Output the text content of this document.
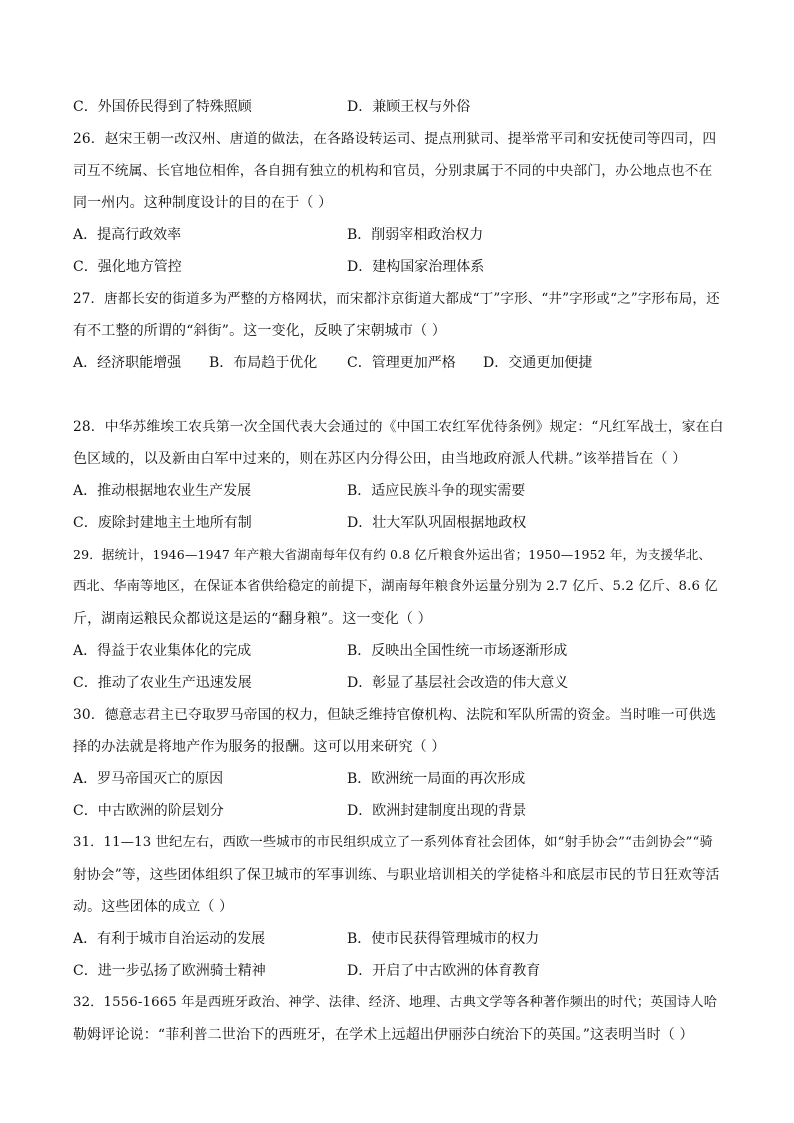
C．外国侨民得到了特殊照顾	D．兼顾王权与外俗
26．赵宋王朝一改汉州、唐道的做法，在各路设转运司、提点刑狱司、提举常平司和安抚使司等四司，四
司互不统属、长官地位相侔，各自拥有独立的机构和官员，分别隶属于不同的中央部门，办公地点也不在
同一州内。这种制度设计的目的在于（ ）
A．提高行政效率	B．削弱宰相政治权力
C．强化地方管控	D．建构国家治理体系
27．唐都长安的街道多为严整的方格网状，而宋都汴京街道大都成“丁”字形、“井”字形或“之”字形布局，还
有不工整的所谓的“斜街”。这一变化，反映了宋朝城市（ ）
A．经济职能增强 B．布局趋于优化 C．管理更加严格 D．交通更加便捷
28．中华苏维埃工农兵第一次全国代表大会通过的《中国工农红军优待条例》规定：“凡红军战士，家在白
色区域的，以及新由白军中过来的，则在苏区内分得公田，由当地政府派人代耕。”该举措旨在（ ）
A．推动根据地农业生产发展	B．适应民族斗争的现实需要
C．废除封建地主土地所有制	D．壮大军队巩固根据地政权
29．据统计，1946—1947 年产粮大省湖南每年仅有约 0.8 亿斤粮食外运出省；1950—1952 年，为支援华北、
西北、华南等地区，在保证本省供给稳定的前提下，湖南每年粮食外运量分别为 2.7 亿斤、5.2 亿斤、8.6 亿
斤，湖南运粮民众都说这是运的“翻身粮”。这一变化（ ）
A．得益于农业集体化的完成	B．反映出全国性统一市场逐渐形成
C．推动了农业生产迅速发展	D．彰显了基层社会改造的伟大意义
30．德意志君主已夺取罗马帝国的权力，但缺乏维持官僚机构、法院和军队所需的资金。当时唯一可供选
择的办法就是将地产作为服务的报酬。这可以用来研究（ ）
A．罗马帝国灭亡的原因	B．欧洲统一局面的再次形成
C．中古欧洲的阶层划分	D．欧洲封建制度出现的背景
31．11—13 世纪左右，西欧一些城市的市民组织成立了一系列体育社会团体，如“射手协会”“击剑协会”“骑
射协会”等，这些团体组织了保卫城市的军事训练、与职业培训相关的学徒格斗和底层市民的节日狂欢等活
动。这些团体的成立（ ）
A．有利于城市自治运动的发展	B．使市民获得管理城市的权力
C．进一步弘扬了欧洲骑士精神	D．开启了中古欧洲的体育教育
32．1556-1665 年是西班牙政治、神学、法律、经济、地理、古典文学等各种著作频出的时代；英国诗人哈
勒姆评论说：“菲利普二世治下的西班牙，在学术上远超出伊丽莎白统治下的英国。”这表明当时（ ）
